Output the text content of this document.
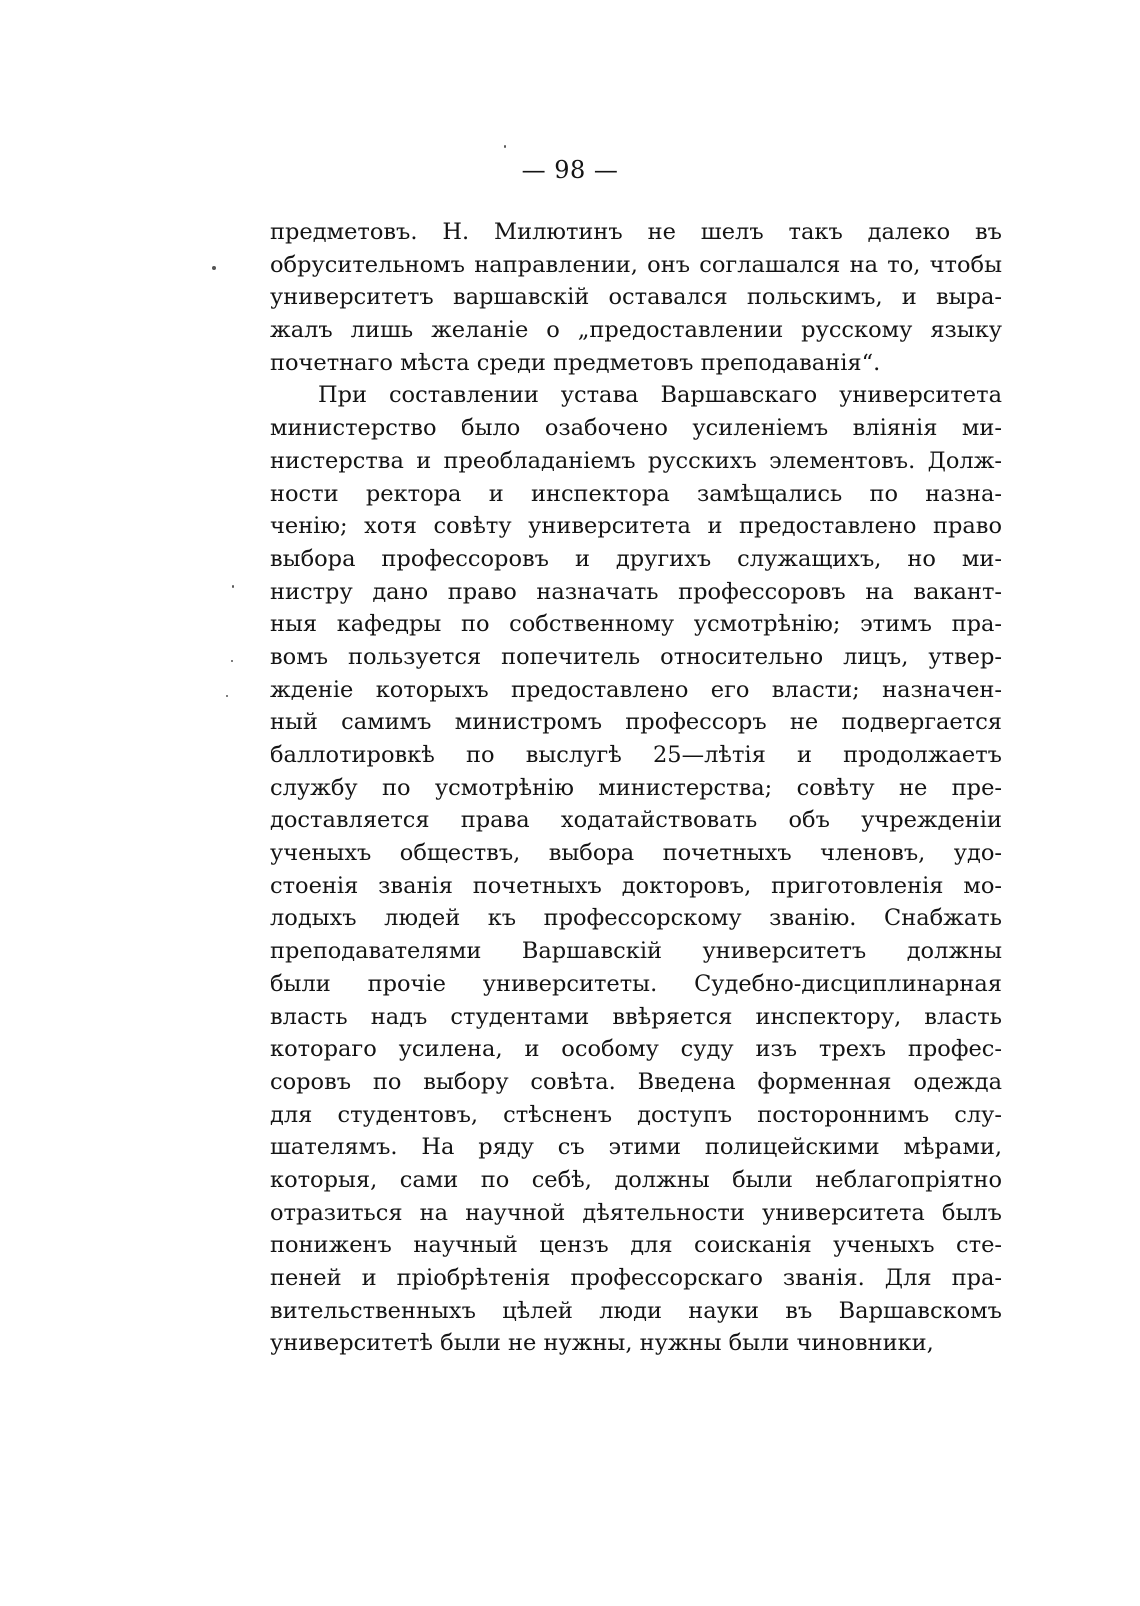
— 98 —
предметовъ. Н. Милютинъ не шелъ такъ далеко въ
обрусительномъ направлении, онъ соглашался на то, чтобы
университетъ варшавскій оставался польскимъ, и выра-
жалъ лишь желаніе о „предоставлении русскому языку
почетнаго мѣста среди предметовъ преподаванія“.
При составлении устава Варшавскаго университета
министерство было озабочено усиленіемъ вліянія ми-
нистерства и преобладаніемъ русскихъ элементовъ. Долж-
ности ректора и инспектора замѣщались по назна-
ченію; хотя совѣту университета и предоставлено право
выбора профессоровъ и другихъ служащихъ, но ми-
нистру дано право назначать профессоровъ на вакант-
ныя кафедры по собственному усмотрѣнію; этимъ пра-
вомъ пользуется попечитель относительно лицъ, утвер-
жденіе которыхъ предоставлено его власти; назначен-
ный самимъ министромъ профессоръ не подвергается
баллотировкѣ по выслугѣ 25—лѣтія и продолжаетъ
службу по усмотрѣнію министерства; совѣту не пре-
доставляется права ходатайствовать объ учрежденіи
ученыхъ обществъ, выбора почетныхъ членовъ, удо-
стоенія званія почетныхъ докторовъ, приготовленія мо-
лодыхъ людей къ профессорскому званію. Снабжать
преподавателями Варшавскій университетъ должны
были прочіе университеты. Судебно-дисциплинарная
власть надъ студентами ввѣряется инспектору, власть
котораго усилена, и особому суду изъ трехъ профес-
соровъ по выбору совѣта. Введена форменная одежда
для студентовъ, стѣсненъ доступъ постороннимъ слу-
шателямъ. На ряду съ этими полицейскими мѣрами,
которыя, сами по себѣ, должны были неблагопріятно
отразиться на научной дѣятельности университета былъ
пониженъ научный цензъ для соисканія ученыхъ сте-
пеней и пріобрѣтенія профессорскаго званія. Для пра-
вительственныхъ цѣлей люди науки въ Варшавскомъ
университетѣ были не нужны, нужны были чиновники,
